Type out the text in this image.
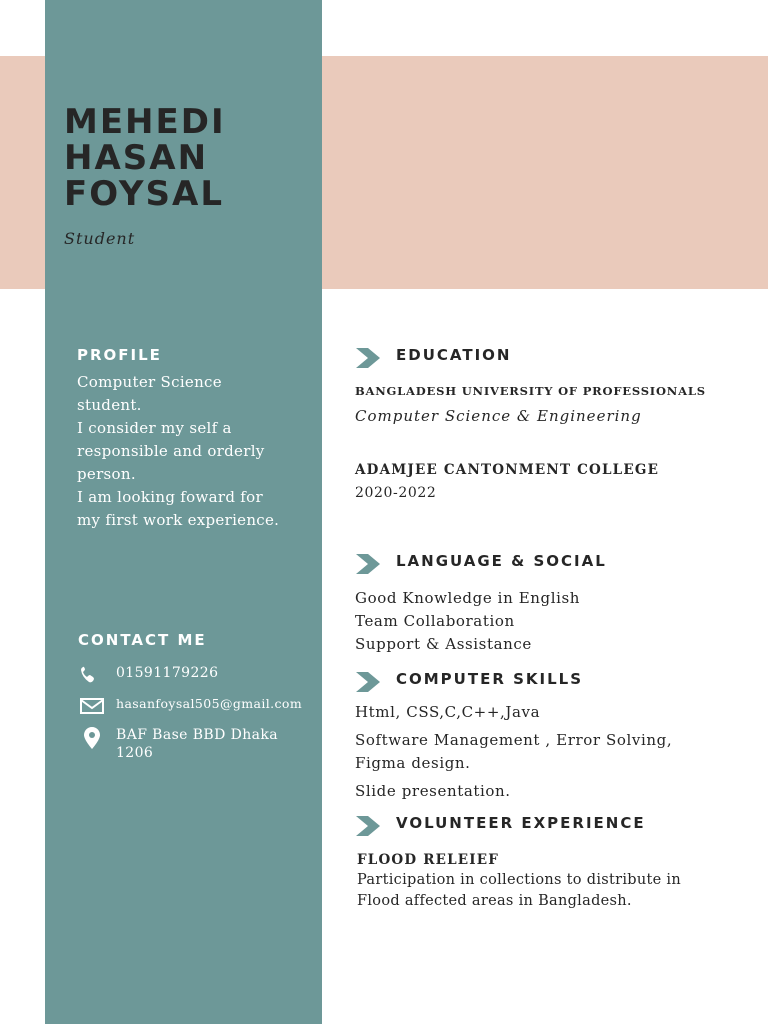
MEHEDI
HASAN
FOYSAL
Student
PROFILE
Computer Science student.
I consider my self a responsible and orderly person.
I am looking foward for my first work experience.
CONTACT ME
01591179226
hasanfoysal505@gmail.com
BAF Base BBD Dhaka 1206
EDUCATION
BANGLADESH UNIVERSITY OF PROFESSIONALS
Computer Science & Engineering
ADAMJEE CANTONMENT COLLEGE
2020-2022
LANGUAGE & SOCIAL
Good Knowledge in English
Team Collaboration
Support & Assistance
COMPUTER SKILLS
Html, CSS,C,C++,Java
Software Management , Error Solving,
Figma design.
Slide presentation.
VOLUNTEER EXPERIENCE
FLOOD RELEIEF
Participation in collections to distribute in
Flood affected areas in Bangladesh.
